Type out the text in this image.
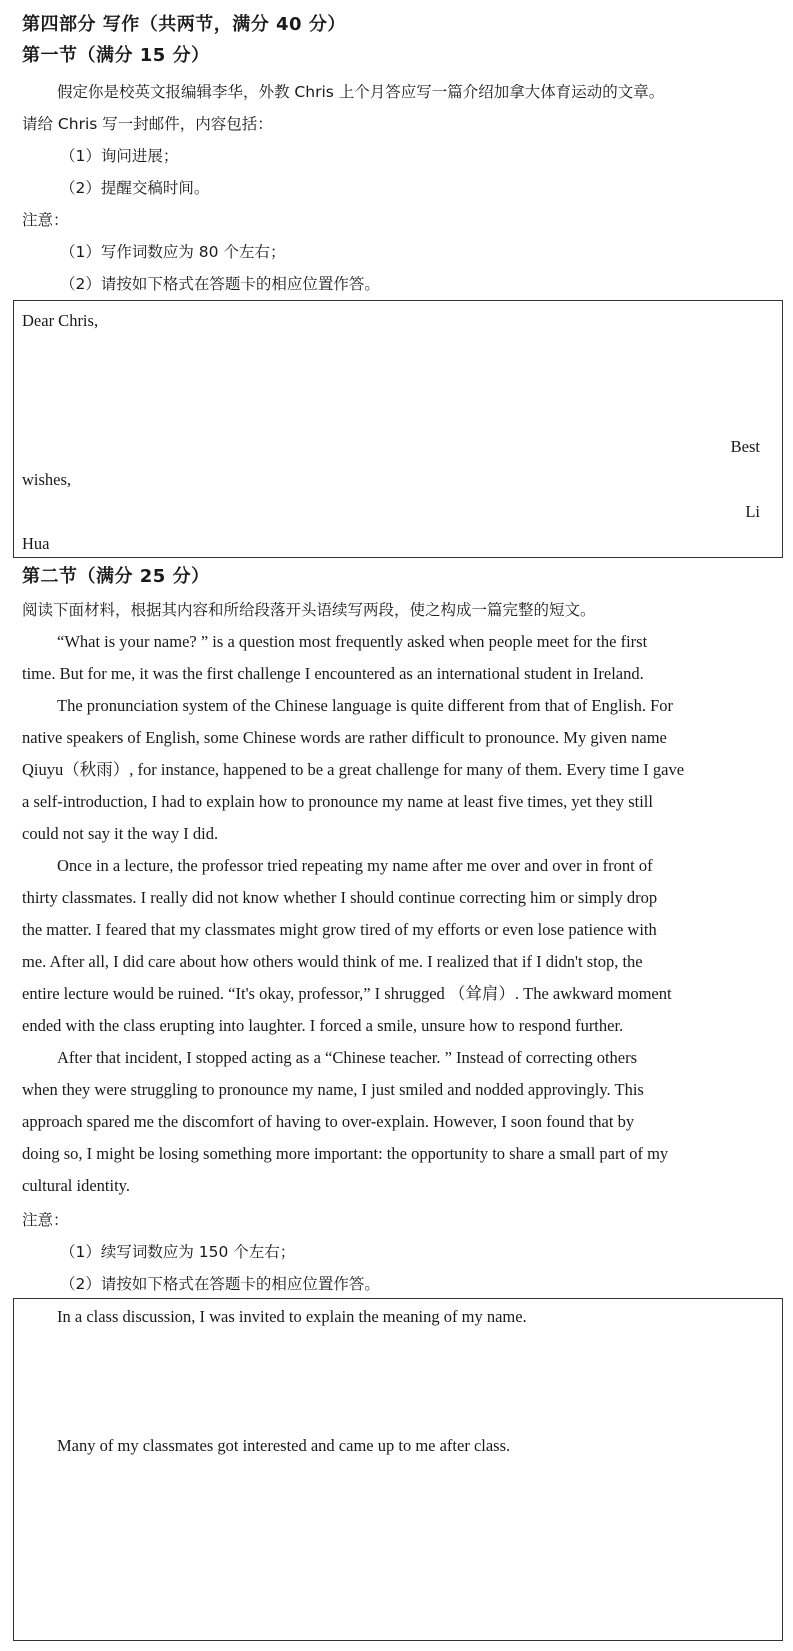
第四部分 写作（共两节，满分 40 分）

第一节（满分 15 分）

假定你是校英文报编辑李华，外教 Chris 上个月答应写一篇介绍加拿大体育运动的文章。

请给 Chris 写一封邮件，内容包括：

（1）询问进展；

（2）提醒交稿时间。

注意：

（1）写作词数应为 80 个左右；

（2）请按如下格式在答题卡的相应位置作答。

Dear Chris,

Best

wishes,

Li

Hua

第二节（满分 25 分）

阅读下面材料，根据其内容和所给段落开头语续写两段，使之构成一篇完整的短文。

“What is your name? ” is a question most frequently asked when people meet for the first

time. But for me, it was the first challenge I encountered as an international student in Ireland.

The pronunciation system of the Chinese language is quite different from that of English. For

native speakers of English, some Chinese words are rather difficult to pronounce. My given name

Qiuyu（秋雨）, for instance, happened to be a great challenge for many of them. Every time I gave

a self-introduction, I had to explain how to pronounce my name at least five times, yet they still

could not say it the way I did.

Once in a lecture, the professor tried repeating my name after me over and over in front of

thirty classmates. I really did not know whether I should continue correcting him or simply drop

the matter. I feared that my classmates might grow tired of my efforts or even lose patience with

me. After all, I did care about how others would think of me. I realized that if I didn't stop, the

entire lecture would be ruined. “It's okay, professor,” I shrugged （耸肩）. The awkward moment

ended with the class erupting into laughter. I forced a smile, unsure how to respond further.

After that incident, I stopped acting as a “Chinese teacher. ” Instead of correcting others

when they were struggling to pronounce my name, I just smiled and nodded approvingly. This

approach spared me the discomfort of having to over-explain. However, I soon found that by

doing so, I might be losing something more important: the opportunity to share a small part of my

cultural identity.

注意：

（1）续写词数应为 150 个左右；

（2）请按如下格式在答题卡的相应位置作答。

In a class discussion, I was invited to explain the meaning of my name.

Many of my classmates got interested and came up to me after class.
